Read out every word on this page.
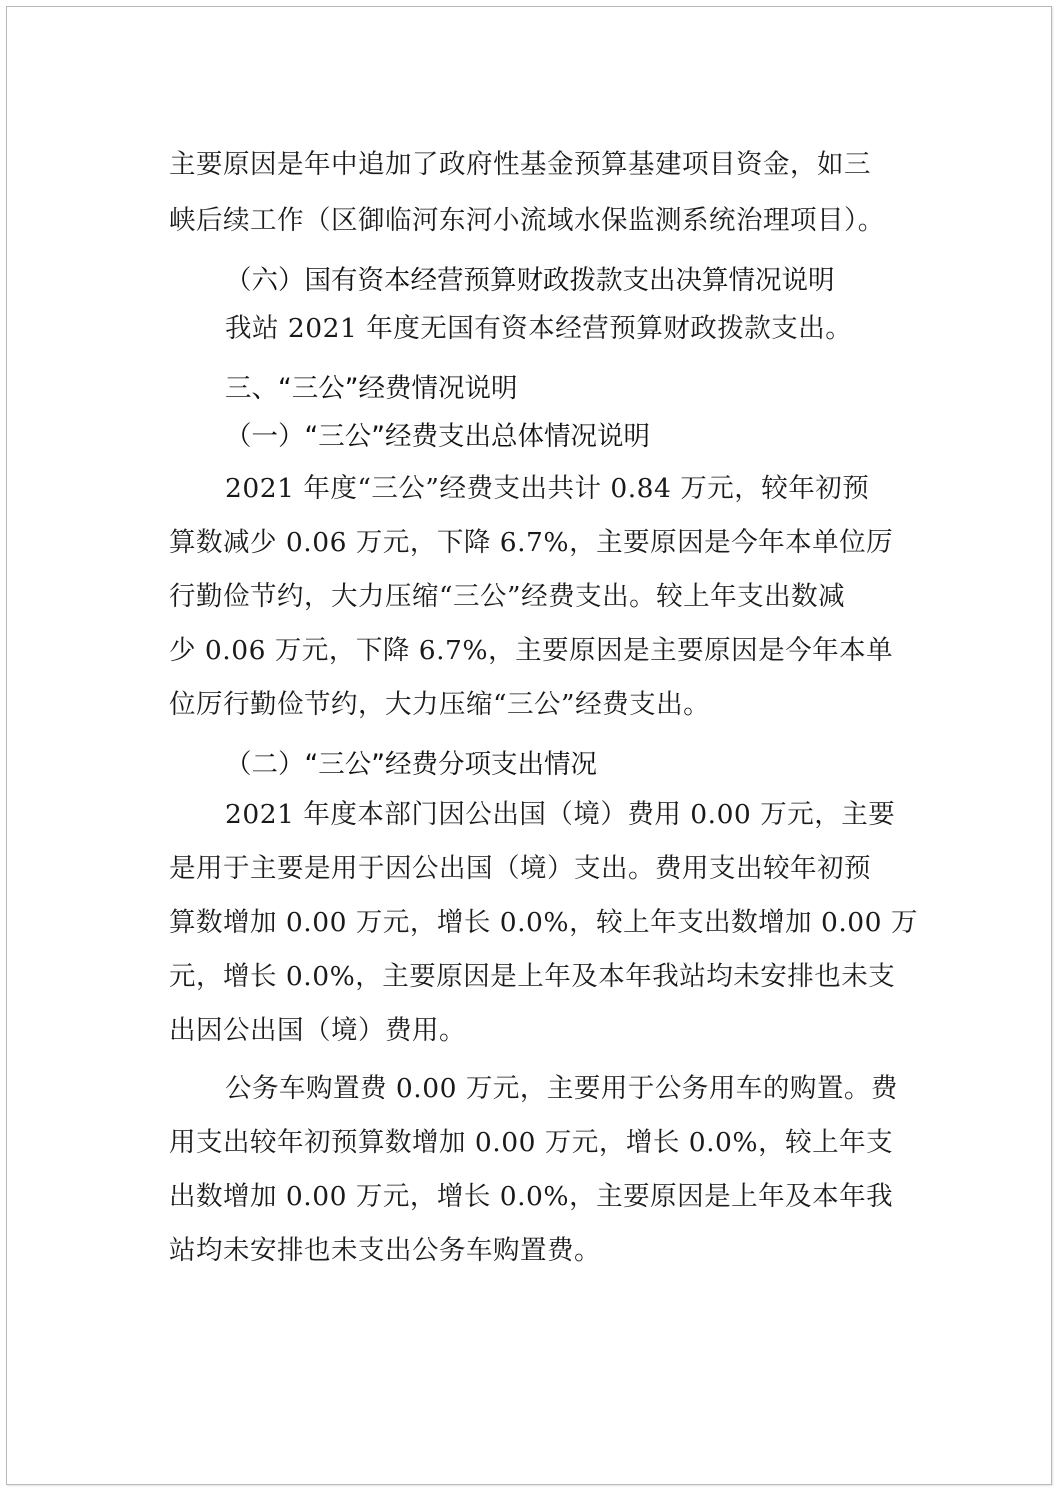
主要原因是年中追加了政府性基金预算基建项目资金，如三

峡后续工作（区御临河东河小流域水保监测系统治理项目）。

（六）国有资本经营预算财政拨款支出决算情况说明

我站 2021 年度无国有资本经营预算财政拨款支出。

三、“三公”经费情况说明

（一）“三公”经费支出总体情况说明

2021 年度“三公”经费支出共计 0.84 万元，较年初预

算数减少 0.06 万元，下降 6.7%，主要原因是今年本单位厉

行勤俭节约，大力压缩“三公”经费支出。较上年支出数减

少 0.06 万元，下降 6.7%，主要原因是主要原因是今年本单

位厉行勤俭节约，大力压缩“三公”经费支出。

（二）“三公”经费分项支出情况

2021 年度本部门因公出国（境）费用 0.00 万元，主要

是用于主要是用于因公出国（境）支出。费用支出较年初预

算数增加 0.00 万元，增长 0.0%，较上年支出数增加 0.00 万

元，增长 0.0%，主要原因是上年及本年我站均未安排也未支

出因公出国（境）费用。

公务车购置费 0.00 万元，主要用于公务用车的购置。费

用支出较年初预算数增加 0.00 万元，增长 0.0%，较上年支

出数增加 0.00 万元，增长 0.0%，主要原因是上年及本年我

站均未安排也未支出公务车购置费。
